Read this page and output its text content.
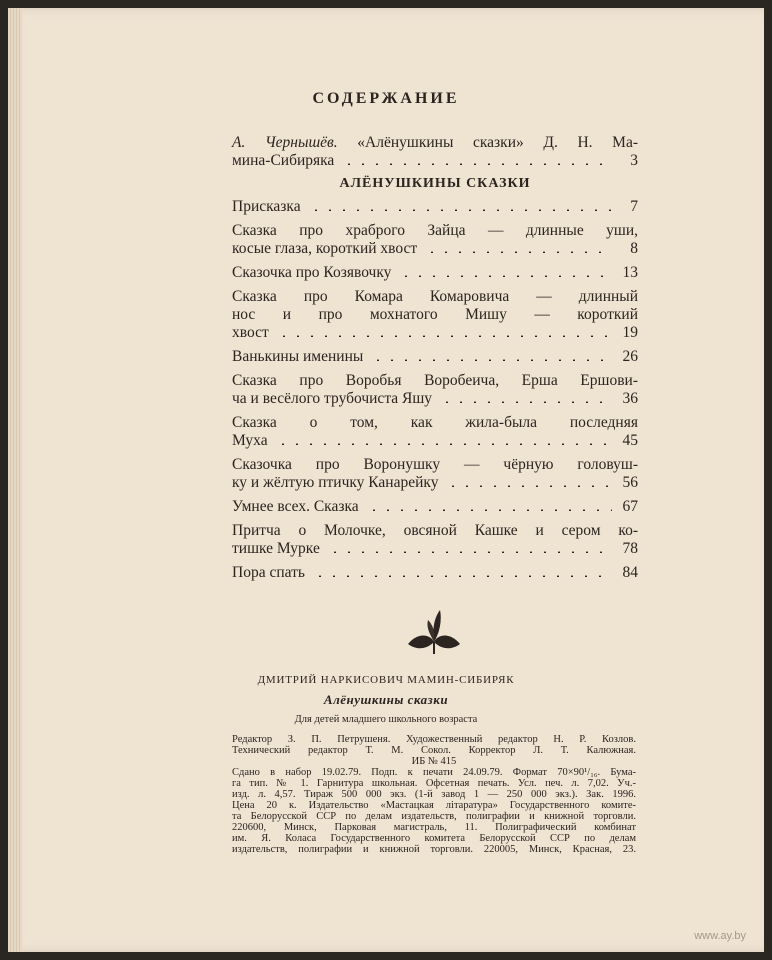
СОДЕРЖАНИЕ
А. Чернышёв. «Алёнушкины сказки» Д. Н. Ма-
мина-Сибиряка	3
АЛЁНУШКИНЫ СКАЗКИ
Присказка	7
Сказка про храброго Зайца — длинные уши,
косые глаза, короткий хвост	8
Сказочка про Козявочку	13
Сказка про Комара Комаровича — длинный
нос и про мохнатого Мишу — короткий
хвост	19
Ванькины именины	26
Сказка про Воробья Воробеича, Ерша Ершови-
ча и весёлого трубочиста Яшу	36
Сказка о том, как жила-была последняя
Муха	45
Сказочка про Воронушку — чёрную головуш-
ку и жёлтую птичку Канарейку	56
Умнее всех. Сказка	67
Притча о Молочке, овсяной Кашке и сером ко-
тишке Мурке	78
Пора спать	84
ДМИТРИЙ НАРКИСОВИЧ МАМИН-СИБИРЯК
Алёнушкины сказки
Для детей младшего школьного возраста
Редактор З. П. Петрушеня. Художественный редактор Н. Р. Козлов.
Технический редактор Т. М. Сокол. Корректор Л. Т. Калюжная.
ИБ № 415
Сдано в набор 19.02.79. Подп. к печати 24.09.79. Формат 70×90¹/₁₆. Бума-
га тип. № 1. Гарнитура школьная. Офсетная печать. Усл. печ. л. 7,02. Уч.-
изд. л. 4,57. Тираж 500 000 экз. (1-й завод 1 — 250 000 экз.). Зак. 1996.
Цена 20 к. Издательство «Мастацкая літаратура» Государственного комите-
та Белорусской ССР по делам издательств, полиграфии и книжной торговли.
220600, Минск, Парковая магистраль, 11. Полиграфический комбинат
им. Я. Коласа Государственного комитета Белорусской ССР по делам
издательств, полиграфии и книжной торговли. 220005, Минск, Красная, 23.
www.ay.by
